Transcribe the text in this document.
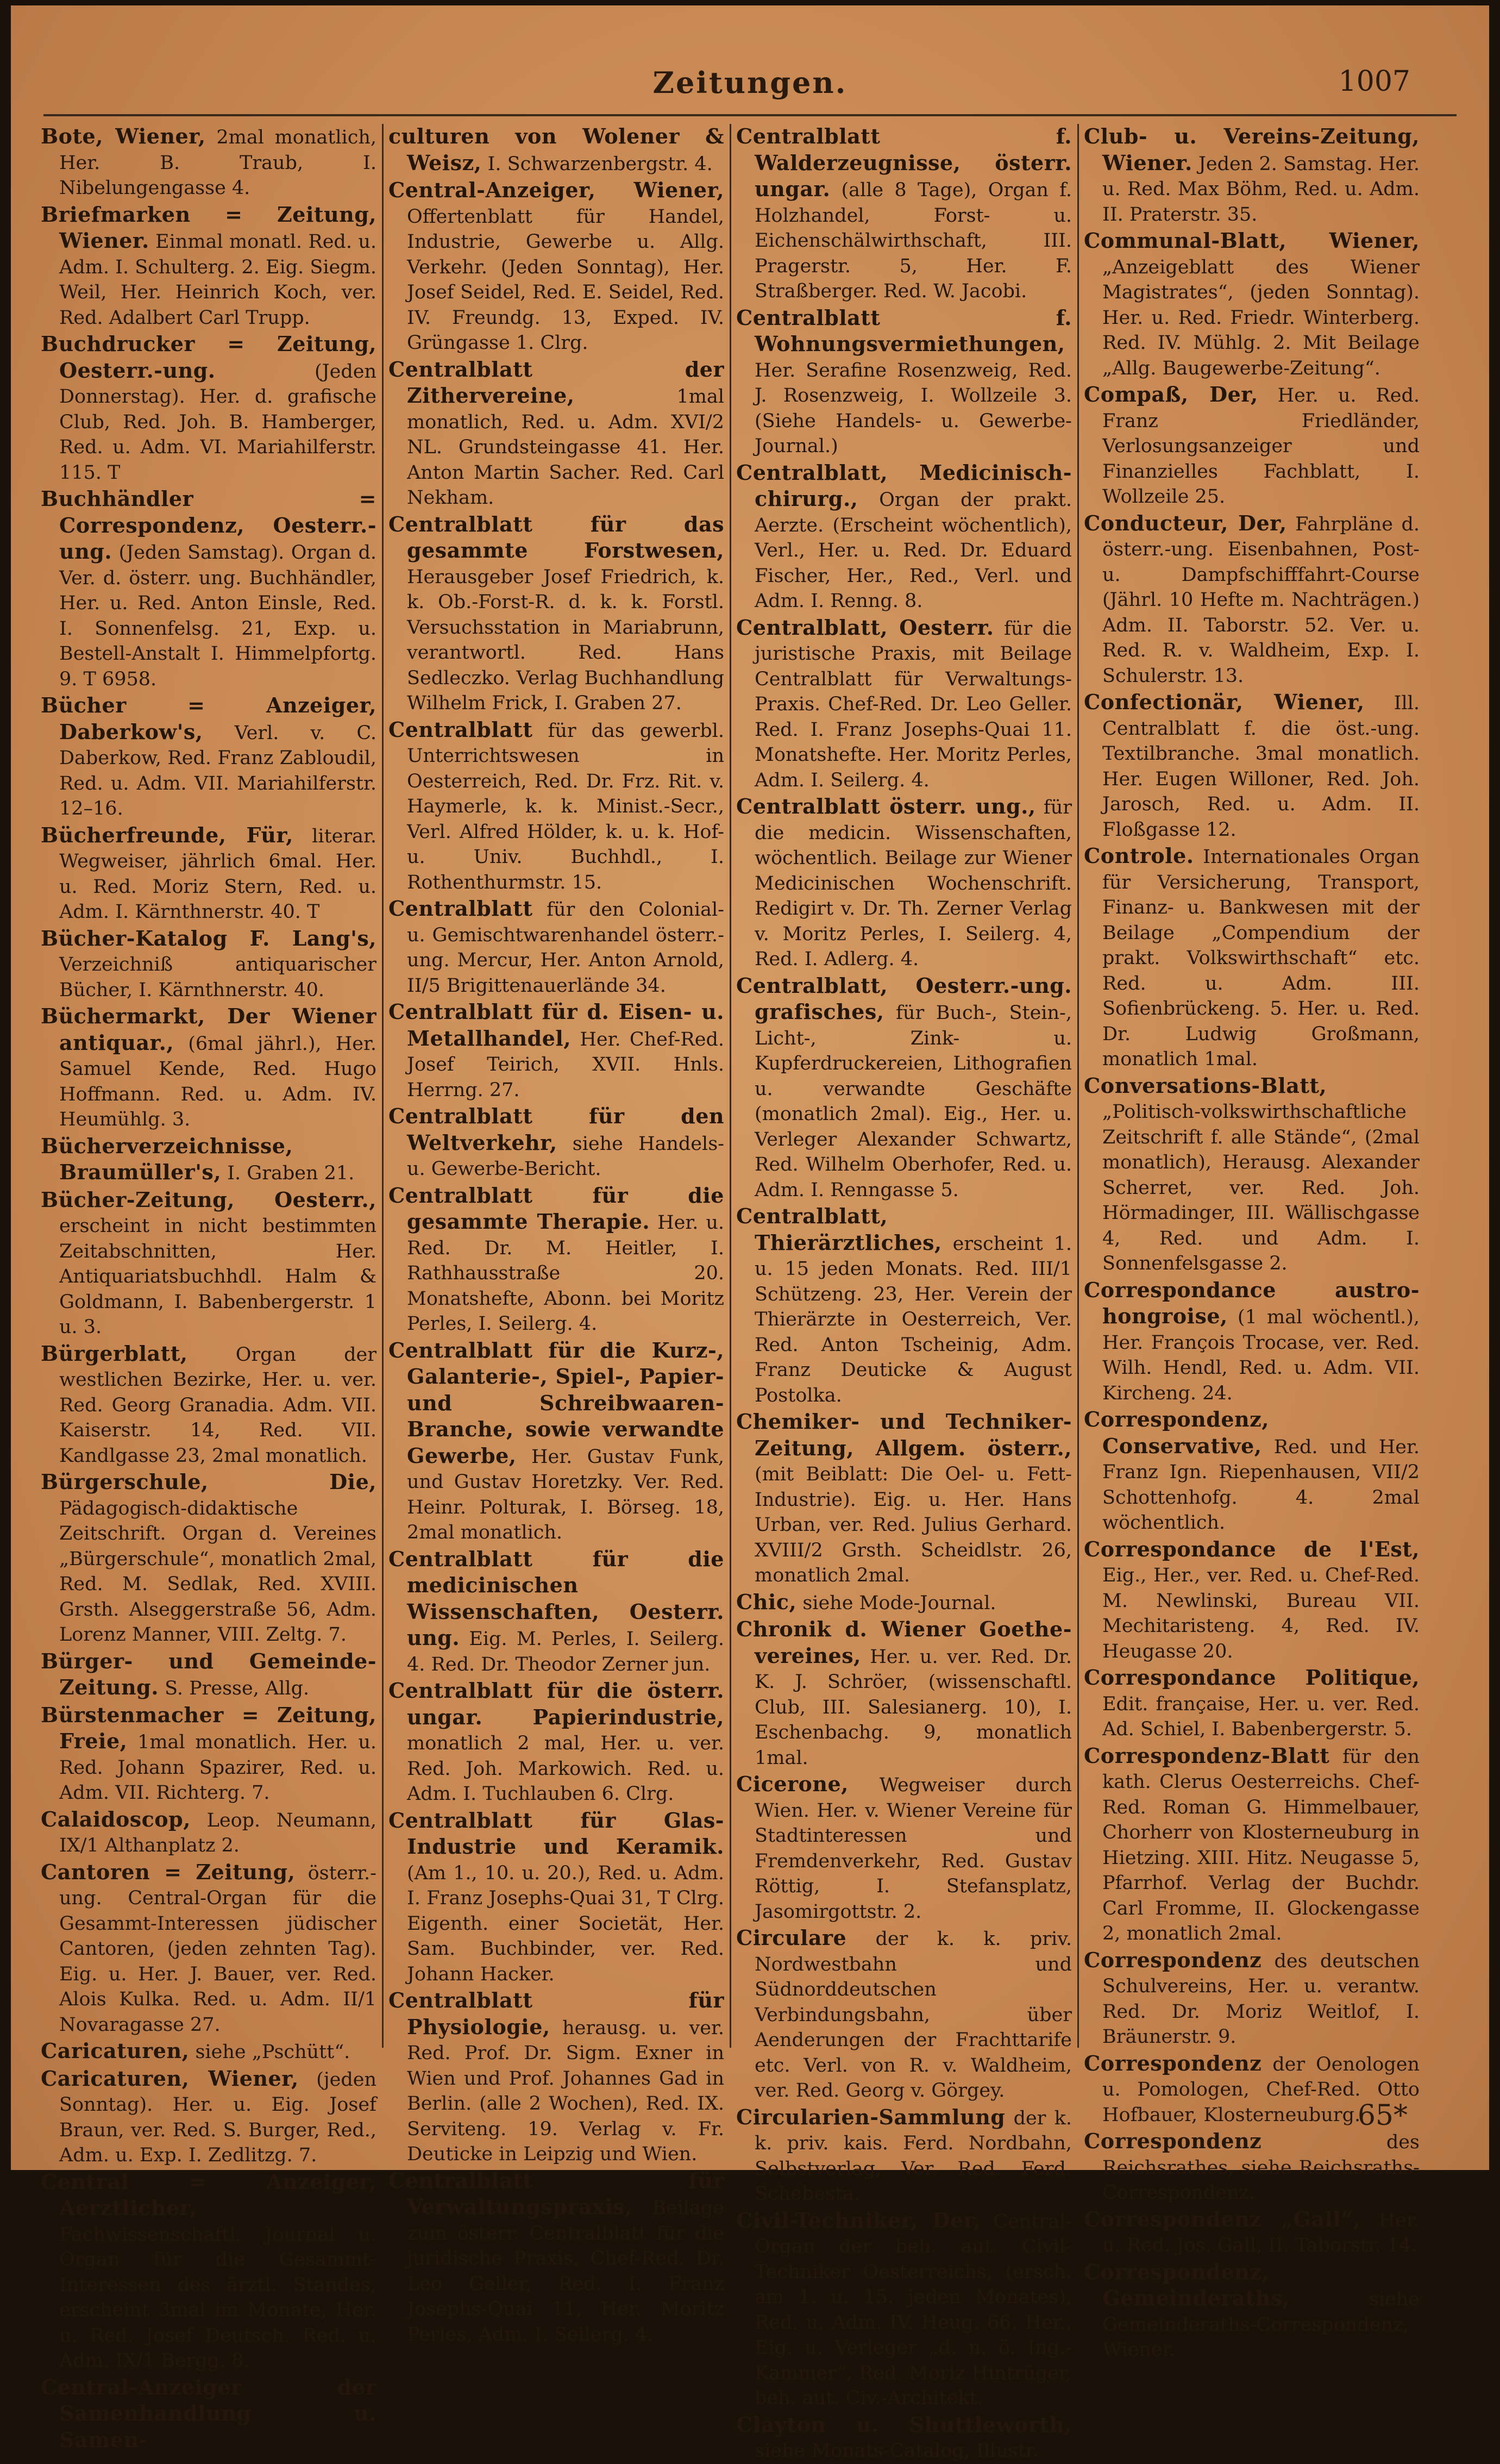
Zeitungen.	1007
Bote, Wiener, 2mal monatlich, Her. B. Traub, I. Nibelungengasse 4.
Briefmarken = Zeitung, Wiener. Einmal monatl. Red. u. Adm. I. Schulterg. 2. Eig. Siegm. Weil, Her. Heinrich Koch, ver. Red. Adalbert Carl Trupp.
Buchdrucker = Zeitung, Oesterr.-ung. (Jeden Donnerstag). Her. d. grafische Club, Red. Joh. B. Hamberger, Red. u. Adm. VI. Mariahilferstr. 115. T
Buchhändler = Correspondenz, Oesterr.-ung. (Jeden Samstag). Organ d. Ver. d. österr. ung. Buchhändler, Her. u. Red. Anton Einsle, Red. I. Sonnenfelsg. 21, Exp. u. Bestell-Anstalt I. Himmelpfortg. 9. T 6958.
Bücher = Anzeiger, Daberkow's, Verl. v. C. Daberkow, Red. Franz Zabloudil, Red. u. Adm. VII. Mariahilferstr. 12–16.
Bücherfreunde, Für, literar. Wegweiser, jährlich 6mal. Her. u. Red. Moriz Stern, Red. u. Adm. I. Kärnthnerstr. 40. T
Bücher-Katalog F. Lang's, Verzeichniß antiquarischer Bücher, I. Kärnthnerstr. 40.
Büchermarkt, Der Wiener antiquar., (6mal jährl.), Her. Samuel Kende, Red. Hugo Hoffmann. Red. u. Adm. IV. Heumühlg. 3.
Bücherverzeichnisse, Braumüller's, I. Graben 21.
Bücher-Zeitung, Oesterr., erscheint in nicht bestimmten Zeitabschnitten, Her. Antiquariatsbuchhdl. Halm & Goldmann, I. Babenbergerstr. 1 u. 3.
Bürgerblatt, Organ der westlichen Bezirke, Her. u. ver. Red. Georg Granadia. Adm. VII. Kaiserstr. 14, Red. VII. Kandlgasse 23, 2mal monatlich.
Bürgerschule, Die, Pädagogisch-didaktische Zeitschrift. Organ d. Vereines „Bürgerschule“, monatlich 2mal, Red. M. Sedlak, Red. XVIII. Grsth. Alseggerstraße 56, Adm. Lorenz Manner, VIII. Zeltg. 7.
Bürger- und Gemeinde-Zeitung. S. Presse, Allg.
Bürstenmacher = Zeitung, Freie, 1mal monatlich. Her. u. Red. Johann Spazirer, Red. u. Adm. VII. Richterg. 7.
Calaidoscop, Leop. Neumann, IX/1 Althanplatz 2.
Cantoren = Zeitung, österr.-ung. Central-Organ für die Gesammt-Interessen jüdischer Cantoren, (jeden zehnten Tag). Eig. u. Her. J. Bauer, ver. Red. Alois Kulka. Red. u. Adm. II/1 Novaragasse 27.
Caricaturen, siehe „Pschütt“.
Caricaturen, Wiener, (jeden Sonntag). Her. u. Eig. Josef Braun, ver. Red. S. Burger, Red., Adm. u. Exp. I. Zedlitzg. 7.
Central = Anzeiger, Aerztlicher, Fachwissenschaftl. Journal u. Organ für die Gesammt-Interessen des ärztl. Standes, erscheint 3mal im Monate, Her. u. Red. Josef Deutsch. Red. u. Adm. IX/1 Bergg. 8.
Central-Anzeiger der Samenhandlung u. Samen-
culturen von Wolener & Weisz, I. Schwarzenbergstr. 4.
Central-Anzeiger, Wiener, Offertenblatt für Handel, Industrie, Gewerbe u. Allg. Verkehr. (Jeden Sonntag), Her. Josef Seidel, Red. E. Seidel, Red. IV. Freundg. 13, Exped. IV. Grüngasse 1. Clrg.
Centralblatt der Zithervereine, 1mal monatlich, Red. u. Adm. XVI/2 NL. Grundsteingasse 41. Her. Anton Martin Sacher. Red. Carl Nekham.
Centralblatt für das gesammte Forstwesen, Herausgeber Josef Friedrich, k. k. Ob.-Forst-R. d. k. k. Forstl. Versuchsstation in Mariabrunn, verantwortl. Red. Hans Sedleczko. Verlag Buchhandlung Wilhelm Frick, I. Graben 27.
Centralblatt für das gewerbl. Unterrichtswesen in Oesterreich, Red. Dr. Frz. Rit. v. Haymerle, k. k. Minist.-Secr., Verl. Alfred Hölder, k. u. k. Hof- u. Univ. Buchhdl., I. Rothenthurmstr. 15.
Centralblatt für den Colonial- u. Gemischtwarenhandel österr.-ung. Mercur, Her. Anton Arnold, II/5 Brigittenauerlände 34.
Centralblatt für d. Eisen- u. Metallhandel, Her. Chef-Red. Josef Teirich, XVII. Hnls. Herrng. 27.
Centralblatt für den Weltverkehr, siehe Handels- u. Gewerbe-Bericht.
Centralblatt für die gesammte Therapie. Her. u. Red. Dr. M. Heitler, I. Rathhausstraße 20. Monatshefte, Abonn. bei Moritz Perles, I. Seilerg. 4.
Centralblatt für die Kurz-, Galanterie-, Spiel-, Papier- und Schreibwaaren-Branche, sowie verwandte Gewerbe, Her. Gustav Funk, und Gustav Horetzky. Ver. Red. Heinr. Polturak, I. Börseg. 18, 2mal monatlich.
Centralblatt für die medicinischen Wissenschaften, Oesterr. ung. Eig. M. Perles, I. Seilerg. 4. Red. Dr. Theodor Zerner jun.
Centralblatt für die österr. ungar. Papierindustrie, monatlich 2 mal, Her. u. ver. Red. Joh. Markowich. Red. u. Adm. I. Tuchlauben 6. Clrg.
Centralblatt für Glas-Industrie und Keramik. (Am 1., 10. u. 20.), Red. u. Adm. I. Franz Josephs-Quai 31, T Clrg. Eigenth. einer Societät, Her. Sam. Buchbinder, ver. Red. Johann Hacker.
Centralblatt für Physiologie, herausg. u. ver. Red. Prof. Dr. Sigm. Exner in Wien und Prof. Johannes Gad in Berlin. (alle 2 Wochen), Red. IX. Serviteng. 19. Verlag v. Fr. Deuticke in Leipzig und Wien.
Centralblatt für Verwaltungspraxis, Beilage zum österr. Centralblatt für die juridische Praxis, Chef-Red. Dr. Leo Geller, Red. I. Franz Josephs-Quai 11, Her. Moritz Perles, Adm. I. Seilerg. 4.
Centralblatt f. Walderzeugnisse, österr. ungar. (alle 8 Tage), Organ f. Holzhandel, Forst- u. Eichenschälwirthschaft, III. Pragerstr. 5, Her. F. Straßberger. Red. W. Jacobi.
Centralblatt f. Wohnungsvermiethungen, Her. Serafine Rosenzweig, Red. J. Rosenzweig, I. Wollzeile 3. (Siehe Handels- u. Gewerbe-Journal.)
Centralblatt, Medicinisch-chirurg., Organ der prakt. Aerzte. (Erscheint wöchentlich), Verl., Her. u. Red. Dr. Eduard Fischer, Her., Red., Verl. und Adm. I. Renng. 8.
Centralblatt, Oesterr. für die juristische Praxis, mit Beilage Centralblatt für Verwaltungs-Praxis. Chef-Red. Dr. Leo Geller. Red. I. Franz Josephs-Quai 11. Monatshefte. Her. Moritz Perles, Adm. I. Seilerg. 4.
Centralblatt österr. ung., für die medicin. Wissenschaften, wöchentlich. Beilage zur Wiener Medicinischen Wochenschrift. Redigirt v. Dr. Th. Zerner Verlag v. Moritz Perles, I. Seilerg. 4, Red. I. Adlerg. 4.
Centralblatt, Oesterr.-ung. grafisches, für Buch-, Stein-, Licht-, Zink- u. Kupferdruckereien, Lithografien u. verwandte Geschäfte (monatlich 2mal). Eig., Her. u. Verleger Alexander Schwartz, Red. Wilhelm Oberhofer, Red. u. Adm. I. Renngasse 5.
Centralblatt, Thierärztliches, erscheint 1. u. 15 jeden Monats. Red. III/1 Schützeng. 23, Her. Verein der Thierärzte in Oesterreich, Ver. Red. Anton Tscheinig, Adm. Franz Deuticke & August Postolka.
Chemiker- und Techniker-Zeitung, Allgem. österr., (mit Beiblatt: Die Oel- u. Fett-Industrie). Eig. u. Her. Hans Urban, ver. Red. Julius Gerhard. XVIII/2 Grsth. Scheidlstr. 26, monatlich 2mal.
Chic, siehe Mode-Journal.
Chronik d. Wiener Goethe-vereines, Her. u. ver. Red. Dr. K. J. Schröer, (wissenschaftl. Club, III. Salesianerg. 10), I. Eschenbachg. 9, monatlich 1mal.
Cicerone, Wegweiser durch Wien. Her. v. Wiener Vereine für Stadtinteressen und Fremdenverkehr, Red. Gustav Röttig, I. Stefansplatz, Jasomirgottstr. 2.
Circulare der k. k. priv. Nordwestbahn und Südnorddeutschen Verbindungsbahn, über Aenderungen der Frachttarife etc. Verl. von R. v. Waldheim, ver. Red. Georg v. Görgey.
Circularien-Sammlung der k. k. priv. kais. Ferd. Nordbahn, Selbstverlag, Ver. Red. Ferd. Schebesta.
Civil-Techniker, Der, Central-Organ der beh. aut. Civil-Techniker Oesterreichs, (ersch. am 1. u. 15. jeden Monates), Red. u. Adm. IV. Heug. 66. Her., Eig. u. Verleger „d. n. ö. Ing.-Kammer“, Red. Moriz Hintrüger, beh. aut. Civ.-Architekt.
Clayton u. Shuttleworth, siehe Monats-Catalog, Illustr.
Club- u. Vereins-Zeitung, Wiener. Jeden 2. Samstag. Her. u. Red. Max Böhm, Red. u. Adm. II. Praterstr. 35.
Communal-Blatt, Wiener, „Anzeigeblatt des Wiener Magistrates“, (jeden Sonntag). Her. u. Red. Friedr. Winterberg. Red. IV. Mühlg. 2. Mit Beilage „Allg. Baugewerbe-Zeitung“.
Compaß, Der, Her. u. Red. Franz Friedländer, Verlosungsanzeiger und Finanzielles Fachblatt, I. Wollzeile 25.
Conducteur, Der, Fahrpläne d. österr.-ung. Eisenbahnen, Post- u. Dampfschifffahrt-Course (Jährl. 10 Hefte m. Nachträgen.) Adm. II. Taborstr. 52. Ver. u. Red. R. v. Waldheim, Exp. I. Schulerstr. 13.
Confectionär, Wiener, Ill. Centralblatt f. die öst.-ung. Textilbranche. 3mal monatlich. Her. Eugen Willoner, Red. Joh. Jarosch, Red. u. Adm. II. Floßgasse 12.
Controle. Internationales Organ für Versicherung, Transport, Finanz- u. Bankwesen mit der Beilage „Compendium der prakt. Volkswirthschaft“ etc. Red. u. Adm. III. Sofienbrückeng. 5. Her. u. Red. Dr. Ludwig Großmann, monatlich 1mal.
Conversations-Blatt, „Politisch-volkswirthschaftliche Zeitschrift f. alle Stände“, (2mal monatlich), Herausg. Alexander Scherret, ver. Red. Joh. Hörmadinger, III. Wällischgasse 4, Red. und Adm. I. Sonnenfelsgasse 2.
Correspondance austro-hongroise, (1 mal wöchentl.), Her. François Trocase, ver. Red. Wilh. Hendl, Red. u. Adm. VII. Kircheng. 24.
Correspondenz, Conservative, Red. und Her. Franz Ign. Riepenhausen, VII/2 Schottenhofg. 4. 2mal wöchentlich.
Correspondance de l'Est, Eig., Her., ver. Red. u. Chef-Red. M. Newlinski, Bureau VII. Mechitaristeng. 4, Red. IV. Heugasse 20.
Correspondance Politique, Edit. française, Her. u. ver. Red. Ad. Schiel, I. Babenbergerstr. 5.
Correspondenz-Blatt für den kath. Clerus Oesterreichs. Chef-Red. Roman G. Himmelbauer, Chorherr von Klosterneuburg in Hietzing. XIII. Hitz. Neugasse 5, Pfarrhof. Verlag der Buchdr. Carl Fromme, II. Glockengasse 2, monatlich 2mal.
Correspondenz des deutschen Schulvereins, Her. u. verantw. Red. Dr. Moriz Weitlof, I. Bräunerstr. 9.
Correspondenz der Oenologen u. Pomologen, Chef-Red. Otto Hofbauer, Klosterneuburg.
Correspondenz des Reichsrathes, siehe Reichsraths-Correspondenz.
Correspondenz „Gall“, Her. u. Red. Jos. Gall, II. Taborstr. 14.
Correspondenz, Gemeinderaths, siehe Gemeinderaths-Correspondenz, Wiener.
65*
